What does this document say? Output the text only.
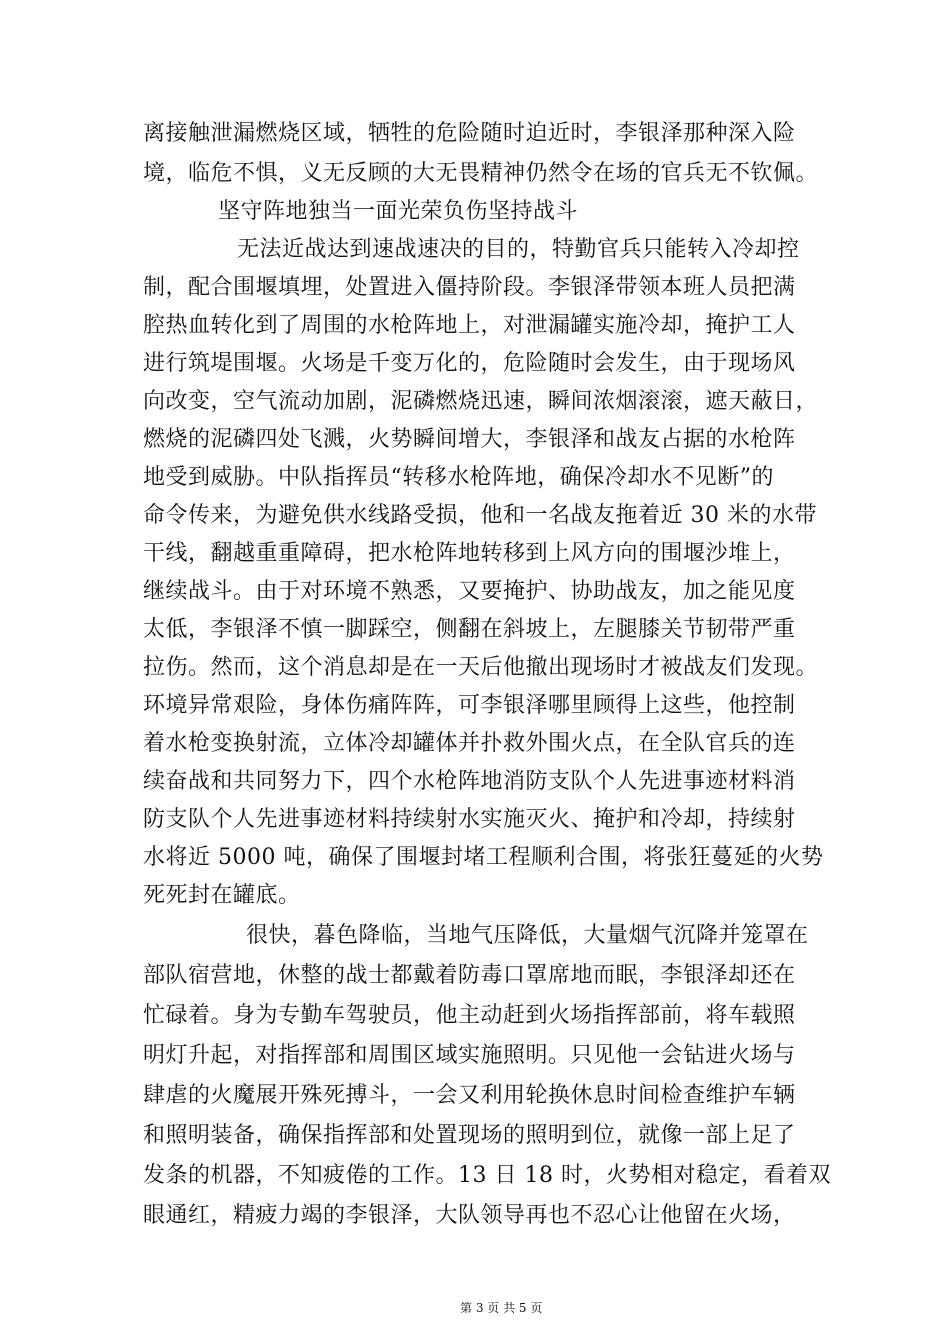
离接触泄漏燃烧区域，牺牲的危险随时迫近时，李银泽那种深入险
境，临危不惧，义无反顾的大无畏精神仍然令在场的官兵无不钦佩。
坚守阵地独当一面光荣负伤坚持战斗
无法近战达到速战速决的目的，特勤官兵只能转入冷却控
制，配合围堰填埋，处置进入僵持阶段。李银泽带领本班人员把满
腔热血转化到了周围的水枪阵地上，对泄漏罐实施冷却，掩护工人
进行筑堤围堰。火场是千变万化的，危险随时会发生，由于现场风
向改变，空气流动加剧，泥磷燃烧迅速，瞬间浓烟滚滚，遮天蔽日，
燃烧的泥磷四处飞溅，火势瞬间增大，李银泽和战友占据的水枪阵
地受到威胁。中队指挥员“转移水枪阵地，确保冷却水不见断”的
命令传来，为避免供水线路受损，他和一名战友拖着近 30 米的水带
干线，翻越重重障碍，把水枪阵地转移到上风方向的围堰沙堆上，
继续战斗。由于对环境不熟悉，又要掩护、协助战友，加之能见度
太低，李银泽不慎一脚踩空，侧翻在斜坡上，左腿膝关节韧带严重
拉伤。然而，这个消息却是在一天后他撤出现场时才被战友们发现。
环境异常艰险，身体伤痛阵阵，可李银泽哪里顾得上这些，他控制
着水枪变换射流，立体冷却罐体并扑救外围火点，在全队官兵的连
续奋战和共同努力下，四个水枪阵地消防支队个人先进事迹材料消
防支队个人先进事迹材料持续射水实施灭火、掩护和冷却，持续射
水将近 5000 吨，确保了围堰封堵工程顺利合围，将张狂蔓延的火势
死死封在罐底。
很快，暮色降临，当地气压降低，大量烟气沉降并笼罩在
部队宿营地，休整的战士都戴着防毒口罩席地而眠，李银泽却还在
忙碌着。身为专勤车驾驶员，他主动赶到火场指挥部前，将车载照
明灯升起，对指挥部和周围区域实施照明。只见他一会钻进火场与
肆虐的火魔展开殊死搏斗，一会又利用轮换休息时间检查维护车辆
和照明装备，确保指挥部和处置现场的照明到位，就像一部上足了
发条的机器，不知疲倦的工作。13 日 18 时，火势相对稳定，看着双
眼通红，精疲力竭的李银泽，大队领导再也不忍心让他留在火场，
第 3 页 共 5 页
